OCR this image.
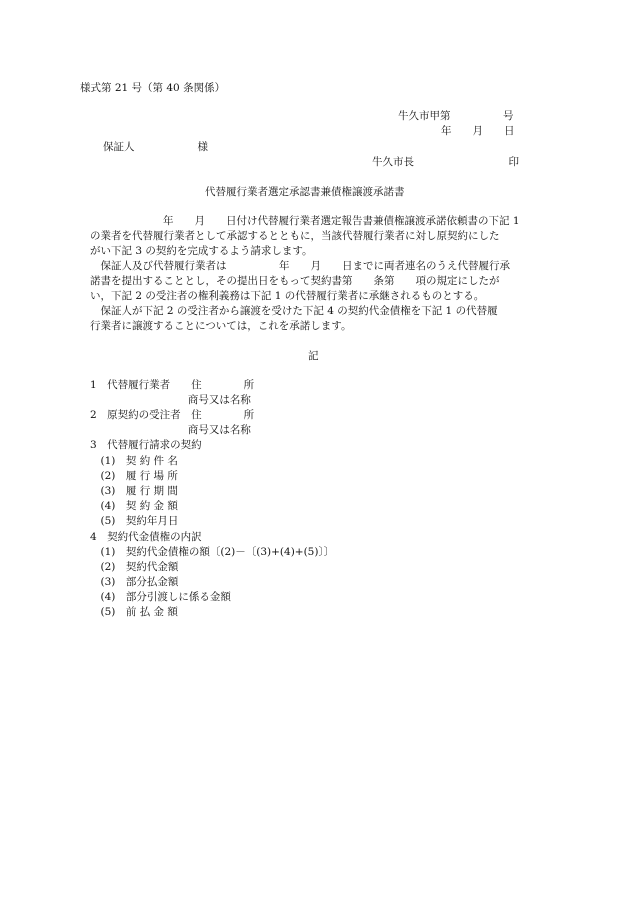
様式第 21 号（第 40 条関係）
牛久市甲第　　　　　号
年　　月　　日
保証人　　　　　　様
牛久市長　　　　　　　　　印
代替履行業者選定承認書兼債権譲渡承諾書
　　　　　　年　　月　　日付け代替履行業者選定報告書兼債権譲渡承諾依頼書の下記 1
の業者を代替履行業者として承認するとともに，当該代替履行業者に対し原契約にした
がい下記 3 の契約を完成するよう請求します。
　保証人及び代替履行業者は　　　　　年　　月　　日までに両者連名のうえ代替履行承
諾書を提出することとし，その提出日をもって契約書第　　条第　　項の規定にしたが
い，下記 2 の受注者の権利義務は下記 1 の代替履行業者に承継されるものとする。
　保証人が下記 2 の受注者から譲渡を受けた下記 4 の契約代金債権を下記 1 の代替履
行業者に譲渡することについては，これを承諾します。
記
1　代替履行業者　　住　　　　所
　　　　　　　　　 商号又は名称
2　原契約の受注者　住　　　　所
　　　　　　　　　 商号又は名称
3　代替履行請求の契約
　(1)　契 約 件 名
　(2)　履 行 場 所
　(3)　履 行 期 間
　(4)　契 約 金 額
　(5)　契約年月日
4　契約代金債権の内訳
　(1)　契約代金債権の額〔(2)－〔(3)+(4)+(5)〕〕
　(2)　契約代金額
　(3)　部分払金額
　(4)　部分引渡しに係る金額
　(5)　前 払 金 額
